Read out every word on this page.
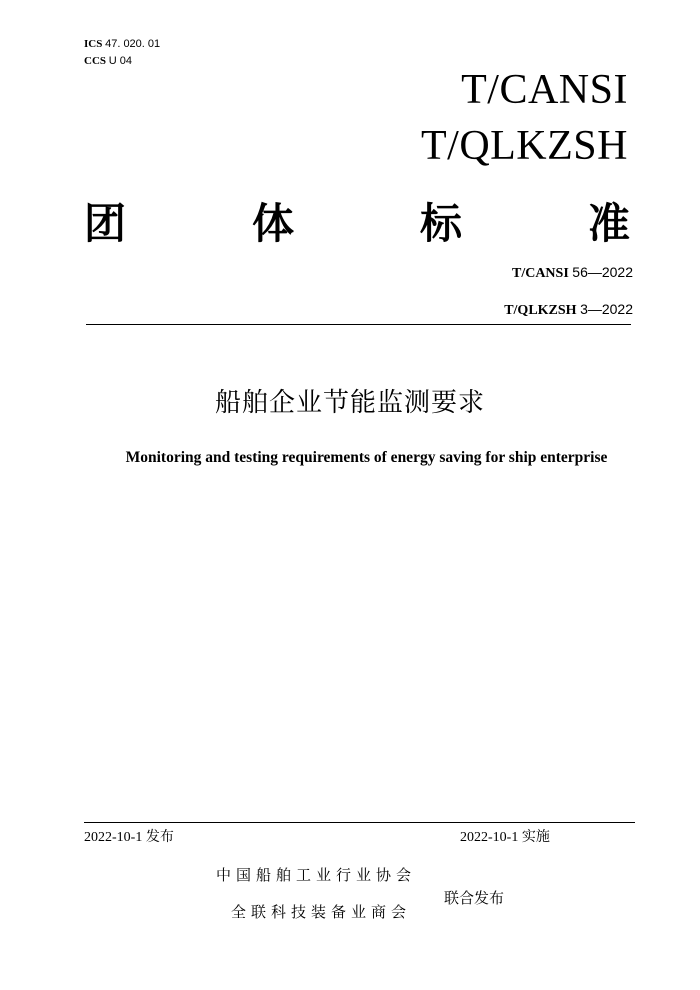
ICS 47. 020. 01
CCS U 04
T/CANSI
T/QLKZSH
团	体	标	准
T/CANSI 56—2022
T/QLKZSH 3—2022
船舶企业节能监测要求
Monitoring and testing requirements of energy saving for ship enterprise
2022-10-1 发布	2022-10-1 实施
中国船舶工业行业协会
全联科技装备业商会
联合发布
